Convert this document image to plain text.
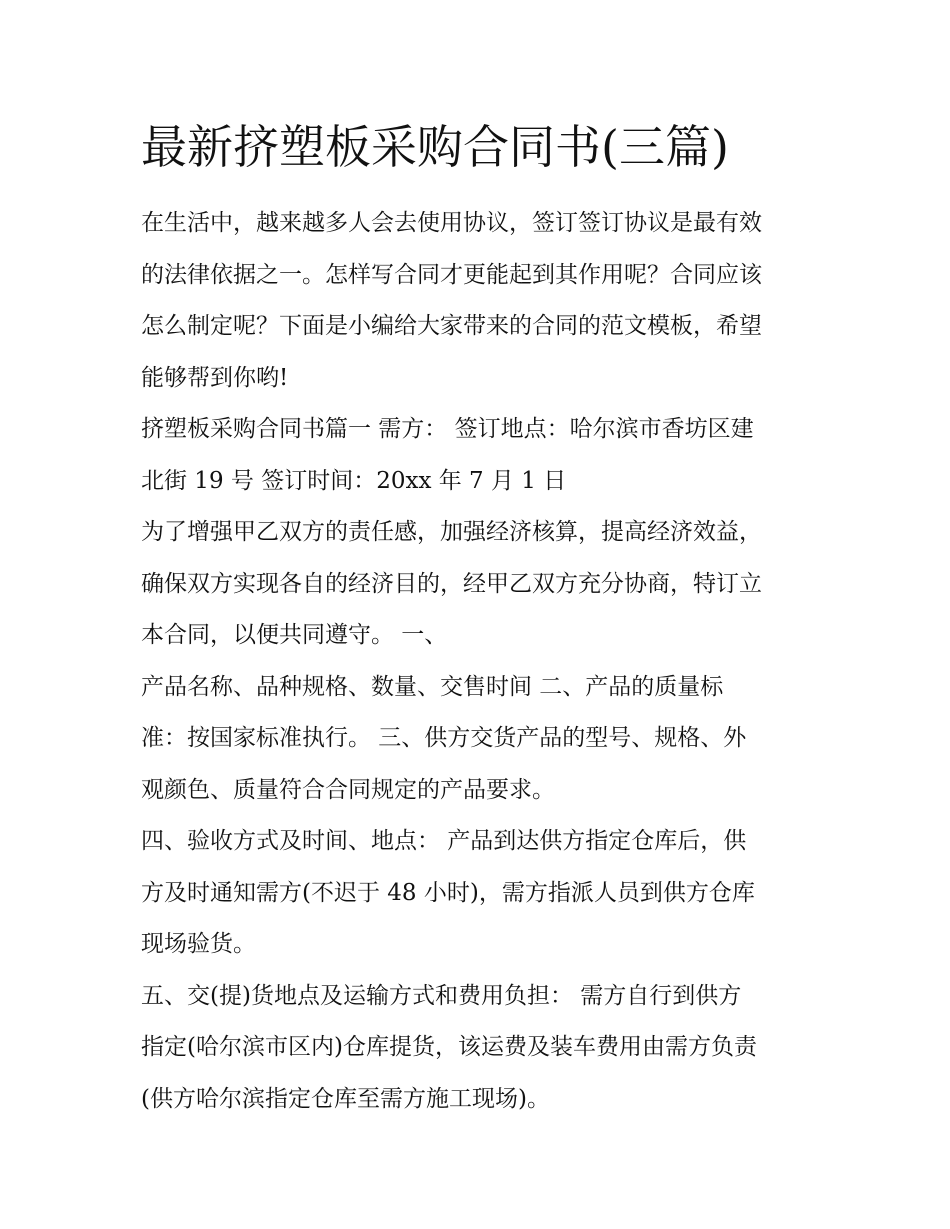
最新挤塑板采购合同书(三篇)
在生活中，越来越多人会去使用协议，签订签订协议是最有效
的法律依据之一。怎样写合同才更能起到其作用呢？合同应该
怎么制定呢？下面是小编给大家带来的合同的范文模板，希望
能够帮到你哟!
挤塑板采购合同书篇一 需方： 签订地点：哈尔滨市香坊区建
北街 19 号 签订时间：20xx 年 7 月 1 日
为了增强甲乙双方的责任感，加强经济核算，提高经济效益，
确保双方实现各自的经济目的，经甲乙双方充分协商，特订立
本合同，以便共同遵守。 一、
产品名称、品种规格、数量、交售时间 二、产品的质量标
准：按国家标准执行。 三、供方交货产品的型号、规格、外
观颜色、质量符合合同规定的产品要求。
四、验收方式及时间、地点： 产品到达供方指定仓库后，供
方及时通知需方(不迟于 48 小时)，需方指派人员到供方仓库
现场验货。
五、交(提)货地点及运输方式和费用负担： 需方自行到供方
指定(哈尔滨市区内)仓库提货，该运费及装车费用由需方负责
(供方哈尔滨指定仓库至需方施工现场)。
